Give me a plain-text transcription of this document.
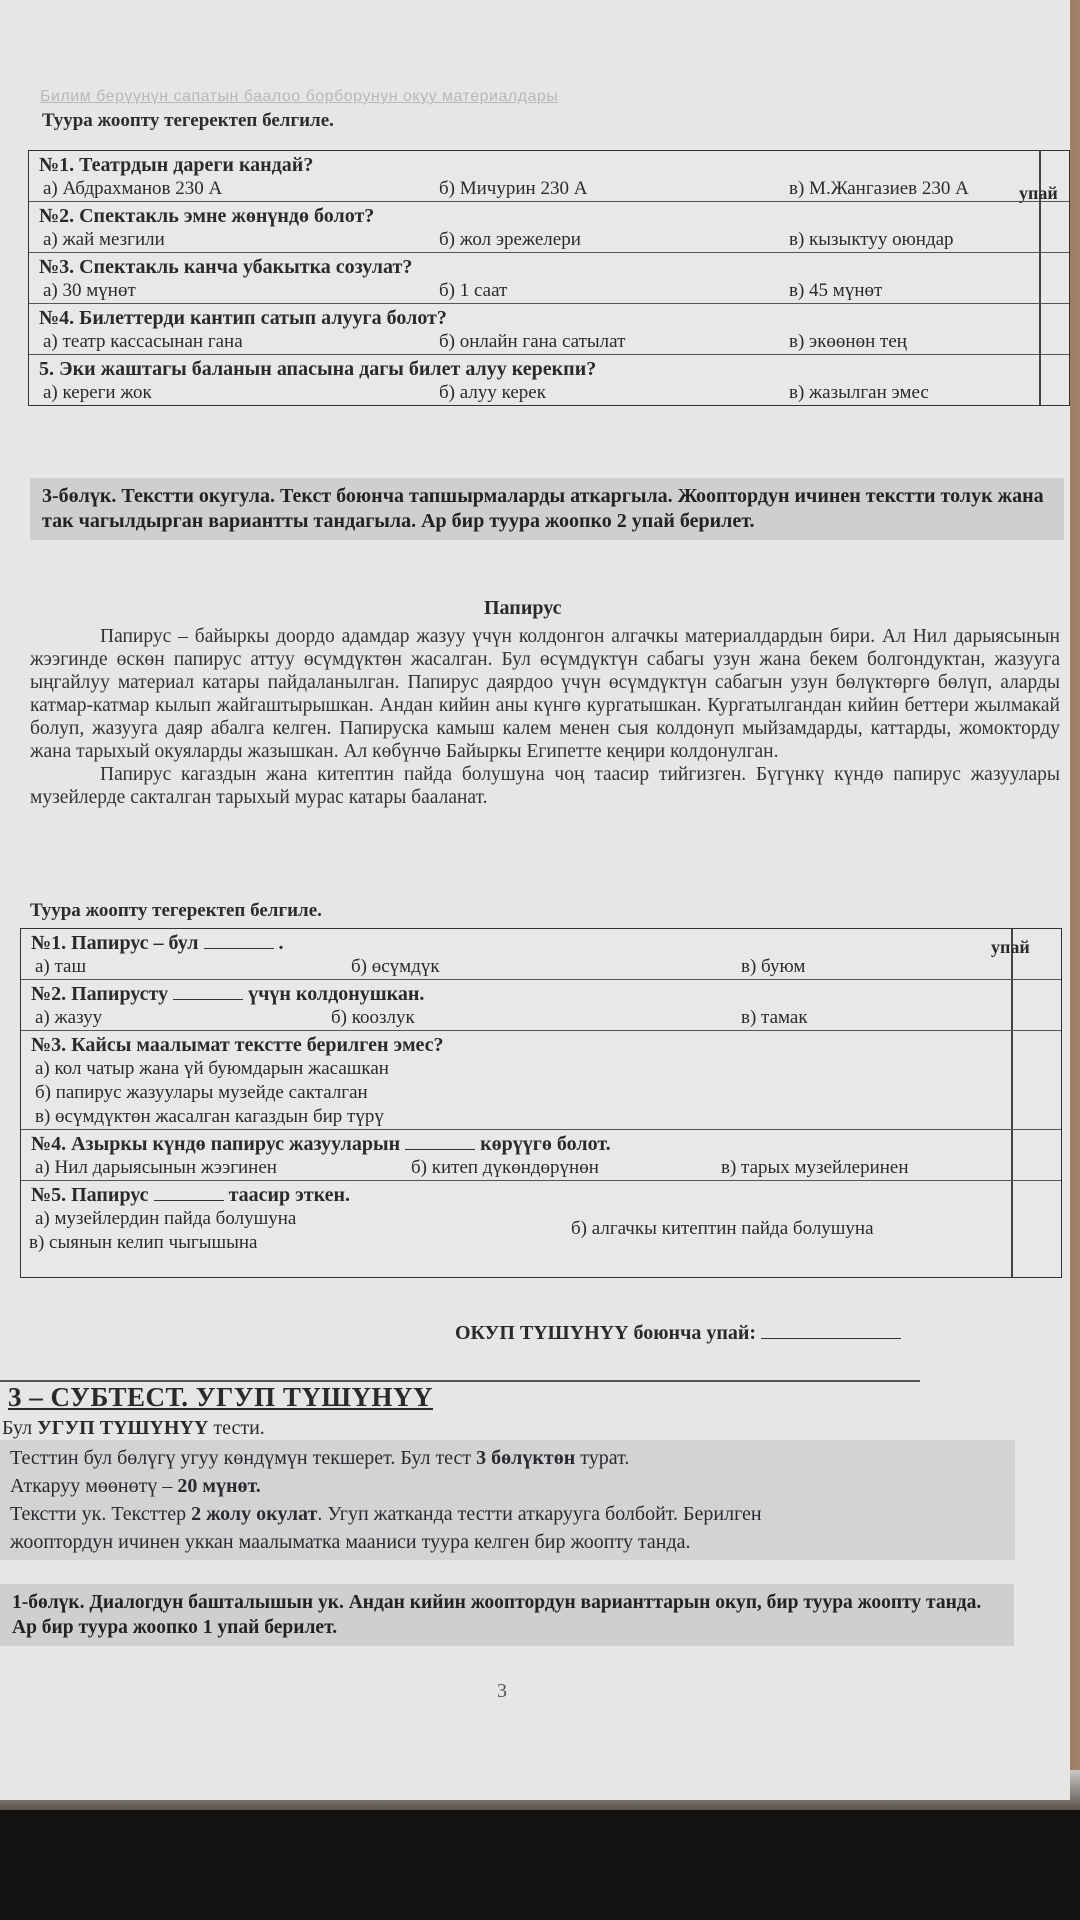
Билим берүүнүн сапатын баалоо борборунун окуу материалдары
Туура жоопту тегеректеп белгиле.
упай
№1. Театрдын дареги кандай?
а) Абдрахманов 230 А	б) Мичурин 230 А	в) М.Жангазиев 230 А
№2. Спектакль эмне жөнүндө болот?
а) жай мезгили	б) жол эрежелери	в) кызыктуу оюндар
№3. Спектакль канча убакытка созулат?
а) 30 мүнөт	б) 1 саат	в) 45 мүнөт
№4. Билеттерди кантип сатып алууга болот?
а) театр кассасынан гана	б) онлайн гана сатылат	в) экөөнөн тең
5. Эки жаштагы баланын апасына дагы билет алуу керекпи?
а) кереги жок	б) алуу керек	в) жазылган эмес
3-бөлүк. Текстти окугула. Текст боюнча тапшырмаларды аткаргыла. Жооптордун ичинен текстти толук жана так чагылдырган вариантты тандагыла. Ар бир туура жоопко 2 упай берилет.
Папирус

Папирус – байыркы доордо адамдар жазуу үчүн колдонгон алгачкы материалдардын бири. Ал Нил дарыясынын жээгинде өскөн папирус аттуу өсүмдүктөн жасалган. Бул өсүмдүктүн сабагы узун жана бекем болгондуктан, жазууга ыңгайлуу материал катары пайдаланылган. Папирус даярдоо үчүн өсүмдүктүн сабагын узун бөлүктөргө бөлүп, аларды катмар-катмар кылып жайгаштырышкан. Андан кийин аны күнгө кургатышкан. Кургатылгандан кийин беттери жылмакай болуп, жазууга даяр абалга келген. Папируска камыш калем менен сыя колдонуп мыйзамдарды, каттарды, жомокторду жана тарыхый окуяларды жазышкан. Ал көбүнчө Байыркы Египетте кеңири колдонулган.

Папирус кагаздын жана китептин пайда болушуна чоң таасир тийгизген. Бүгүнкү күндө папирус жазуулары музейлерде сакталган тарыхый мурас катары бааланат.

Туура жоопту тегеректеп белгиле.
упай
№1. Папирус – бул	.
а) таш	б) өсүмдүк	в) буюм
№2. Папирусту	үчүн колдонушкан.
а) жазуу	б) коозлук	в) тамак
№3. Кайсы маалымат текстте берилген эмес?
а) кол чатыр жана үй буюмдарын жасашкан
б) папирус жазуулары музейде сакталган
в) өсүмдүктөн жасалган кагаздын бир түрү
№4. Азыркы күндө папирус жазууларын	көрүүгө болот.
а) Нил дарыясынын жээгинен	б) китеп дүкөндөрүнөн	в) тарых музейлеринен
№5. Папирус	таасир эткен.
а) музейлердин пайда болушуна	б) алгачкы китептин пайда болушуна
в) сыянын келип чыгышына
ОКУП ТҮШҮНҮҮ боюнча упай:
3 – СУБТЕСТ. УГУП ТҮШҮНҮҮ
Бул УГУП ТҮШҮНҮҮ тести.
Тесттин бул бөлүгү угуу көндүмүн текшерет. Бул тест 3 бөлүктөн турат.
Аткаруу мөөнөтү – 20 мүнөт.
Текстти ук. Тексттер 2 жолу окулат. Угуп жатканда тестти аткарууга болбойт. Берилген
жооптордун ичинен уккан маалыматка мааниси туура келген бир жоопту танда.
1-бөлүк. Диалогдун башталышын ук. Андан кийин жооптордун варианттарын окуп, бир туура жоопту танда. Ар бир туура жоопко 1 упай берилет.
3
